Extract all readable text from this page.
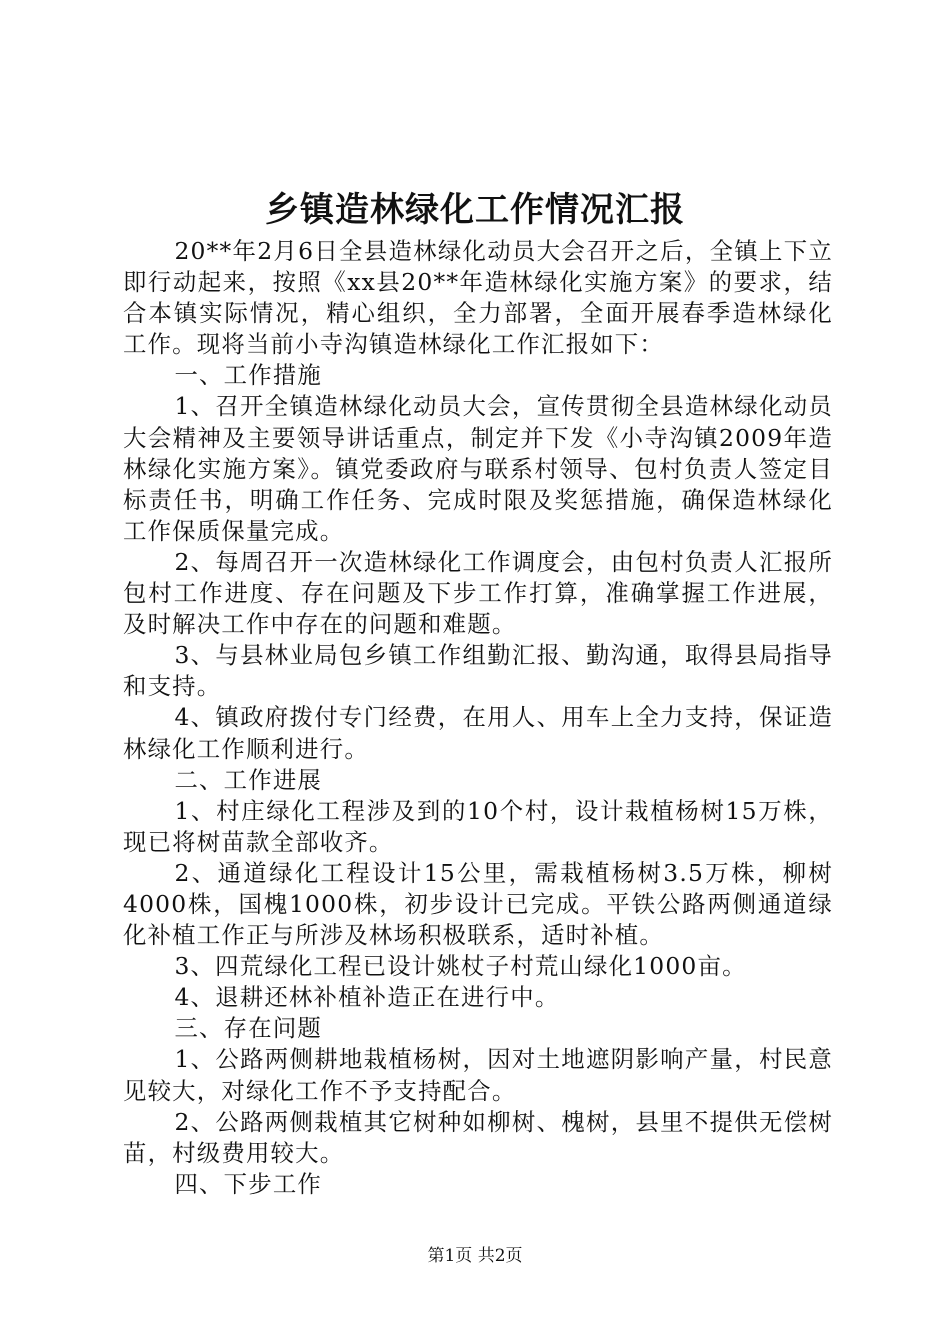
乡镇造林绿化工作情况汇报

20**年2月6日全县造林绿化动员大会召开之后，全镇上下立即行动起来，按照《xx县20**年造林绿化实施方案》的要求，结合本镇实际情况，精心组织，全力部署，全面开展春季造林绿化工作。现将当前小寺沟镇造林绿化工作汇报如下：

一、工作措施

1、召开全镇造林绿化动员大会，宣传贯彻全县造林绿化动员大会精神及主要领导讲话重点，制定并下发《小寺沟镇2009年造林绿化实施方案》。镇党委政府与联系村领导、包村负责人签定目标责任书，明确工作任务、完成时限及奖惩措施，确保造林绿化工作保质保量完成。

2、每周召开一次造林绿化工作调度会，由包村负责人汇报所包村工作进度、存在问题及下步工作打算，准确掌握工作进展，及时解决工作中存在的问题和难题。

3、与县林业局包乡镇工作组勤汇报、勤沟通，取得县局指导和支持。

4、镇政府拨付专门经费，在用人、用车上全力支持，保证造林绿化工作顺利进行。

二、工作进展

1、村庄绿化工程涉及到的10个村，设计栽植杨树15万株，现已将树苗款全部收齐。

2、通道绿化工程设计15公里，需栽植杨树3.5万株，柳树4000株，国槐1000株，初步设计已完成。平铁公路两侧通道绿化补植工作正与所涉及林场积极联系，适时补植。

3、四荒绿化工程已设计姚杖子村荒山绿化1000亩。

4、退耕还林补植补造正在进行中。

三、存在问题

1、公路两侧耕地栽植杨树，因对土地遮阴影响产量，村民意见较大，对绿化工作不予支持配合。

2、公路两侧栽植其它树种如柳树、槐树，县里不提供无偿树苗，村级费用较大。

四、下步工作

第1页 共2页
